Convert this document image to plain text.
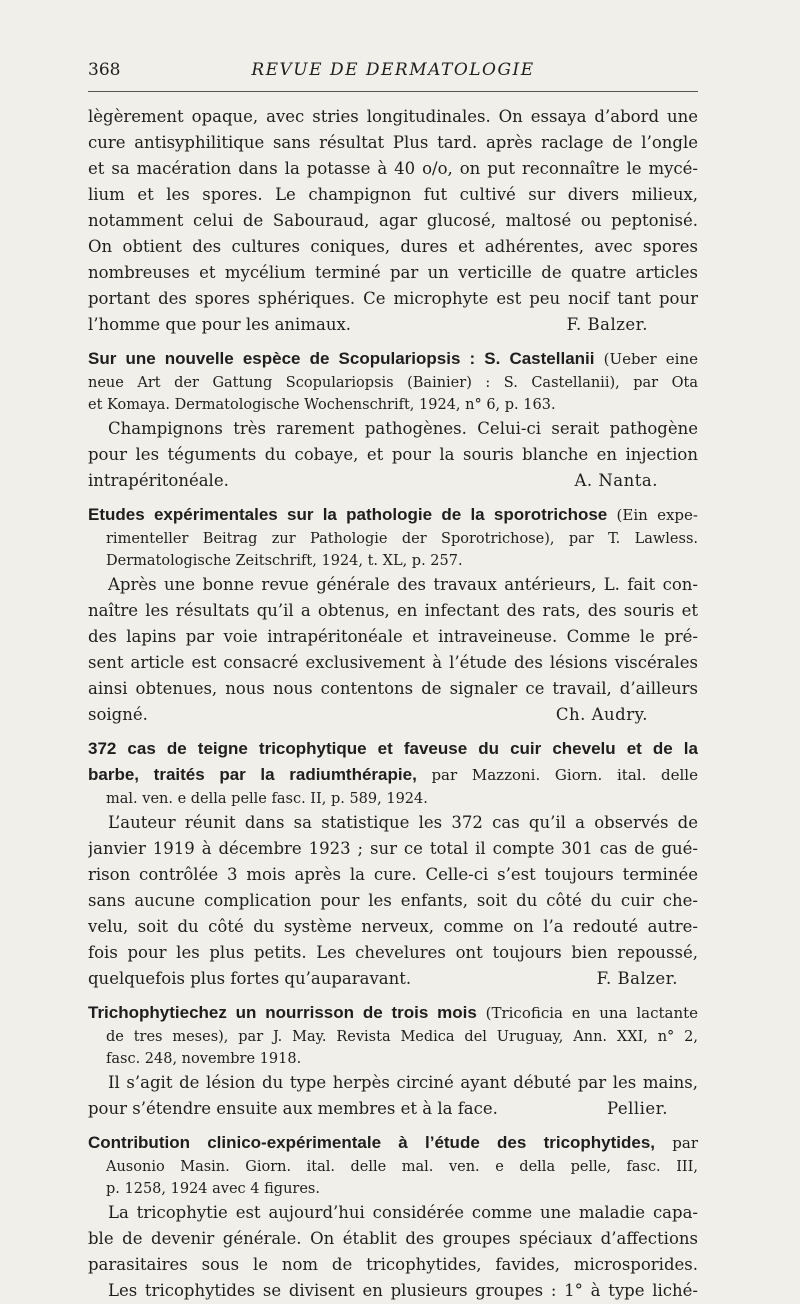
368	REVUE DE DERMATOLOGIE
lègèrement opaque, avec stries longitudinales. On essaya d’abord une
cure antisyphilitique sans résultat Plus tard. après raclage de l’ongle
et sa macération dans la potasse à 40 o/o, on put reconnaître le mycé-
lium et les spores. Le champignon fut cultivé sur divers milieux,
notamment celui de Sabouraud, agar glucosé, maltosé ou peptonisé.
On obtient des cultures coniques, dures et adhérentes, avec spores
nombreuses et mycélium terminé par un verticille de quatre articles
portant des spores sphériques. Ce microphyte est peu nocif tant pour
l’homme que pour les animaux.	F. Balzer.
Sur une nouvelle espèce de Scopulariopsis : S. Castellanii (Ueber eine
neue Art der Gattung Scopulariopsis (Bainier) : S. Castellanii), par Ota
et Komaya. Dermatologische Wochenschrift, 1924, n° 6, p. 163.
Champignons très rarement pathogènes. Celui-ci serait pathogène
pour les téguments du cobaye, et pour la souris blanche en injection
intrapéritonéale.	A. Nanta.
Etudes expérimentales sur la pathologie de la sporotrichose (Ein expe-
rimenteller Beitrag zur Pathologie der Sporotrichose), par T. Lawless.
Dermatologische Zeitschrift, 1924, t. XL, p. 257.
Après une bonne revue générale des travaux antérieurs, L. fait con-
naître les résultats qu’il a obtenus, en infectant des rats, des souris et
des lapins par voie intrapéritonéale et intraveineuse. Comme le pré-
sent article est consacré exclusivement à l’étude des lésions viscérales
ainsi obtenues, nous nous contentons de signaler ce travail, d’ailleurs
soigné.	Ch. Audry.
372 cas de teigne tricophytique et faveuse du cuir chevelu et de la
barbe, traités par la radiumthérapie, par Mazzoni. Giorn. ital. delle
mal. ven. e della pelle fasc. II, p. 589, 1924.
L’auteur réunit dans sa statistique les 372 cas qu’il a observés de
janvier 1919 à décembre 1923 ; sur ce total il compte 301 cas de gué-
rison contrôlée 3 mois après la cure. Celle-ci s’est toujours terminée
sans aucune complication pour les enfants, soit du côté du cuir che-
velu, soit du côté du système nerveux, comme on l’a redouté autre-
fois pour les plus petits. Les chevelures ont toujours bien repoussé,
quelquefois plus fortes qu’auparavant.	F. Balzer.
Trichophytiechez un nourrisson de trois mois (Tricoficia en una lactante
de tres meses), par J. May. Revista Medica del Uruguay, Ann. XXI, n° 2,
fasc. 248, novembre 1918.
Il s’agit de lésion du type herpès circiné ayant débuté par les mains,
pour s’étendre ensuite aux membres et à la face.	Pellier.
Contribution clinico-expérimentale à l’étude des tricophytides, par
Ausonio Masin. Giorn. ital. delle mal. ven. e della pelle, fasc. III,
p. 1258, 1924 avec 4 figures.
La tricophytie est aujourd’hui considérée comme une maladie capa-
ble de devenir générale. On établit des groupes spéciaux d’affections
parasitaires sous le nom de tricophytides, favides, microsporides.
Les tricophytides se divisent en plusieurs groupes : 1° à type liché-
